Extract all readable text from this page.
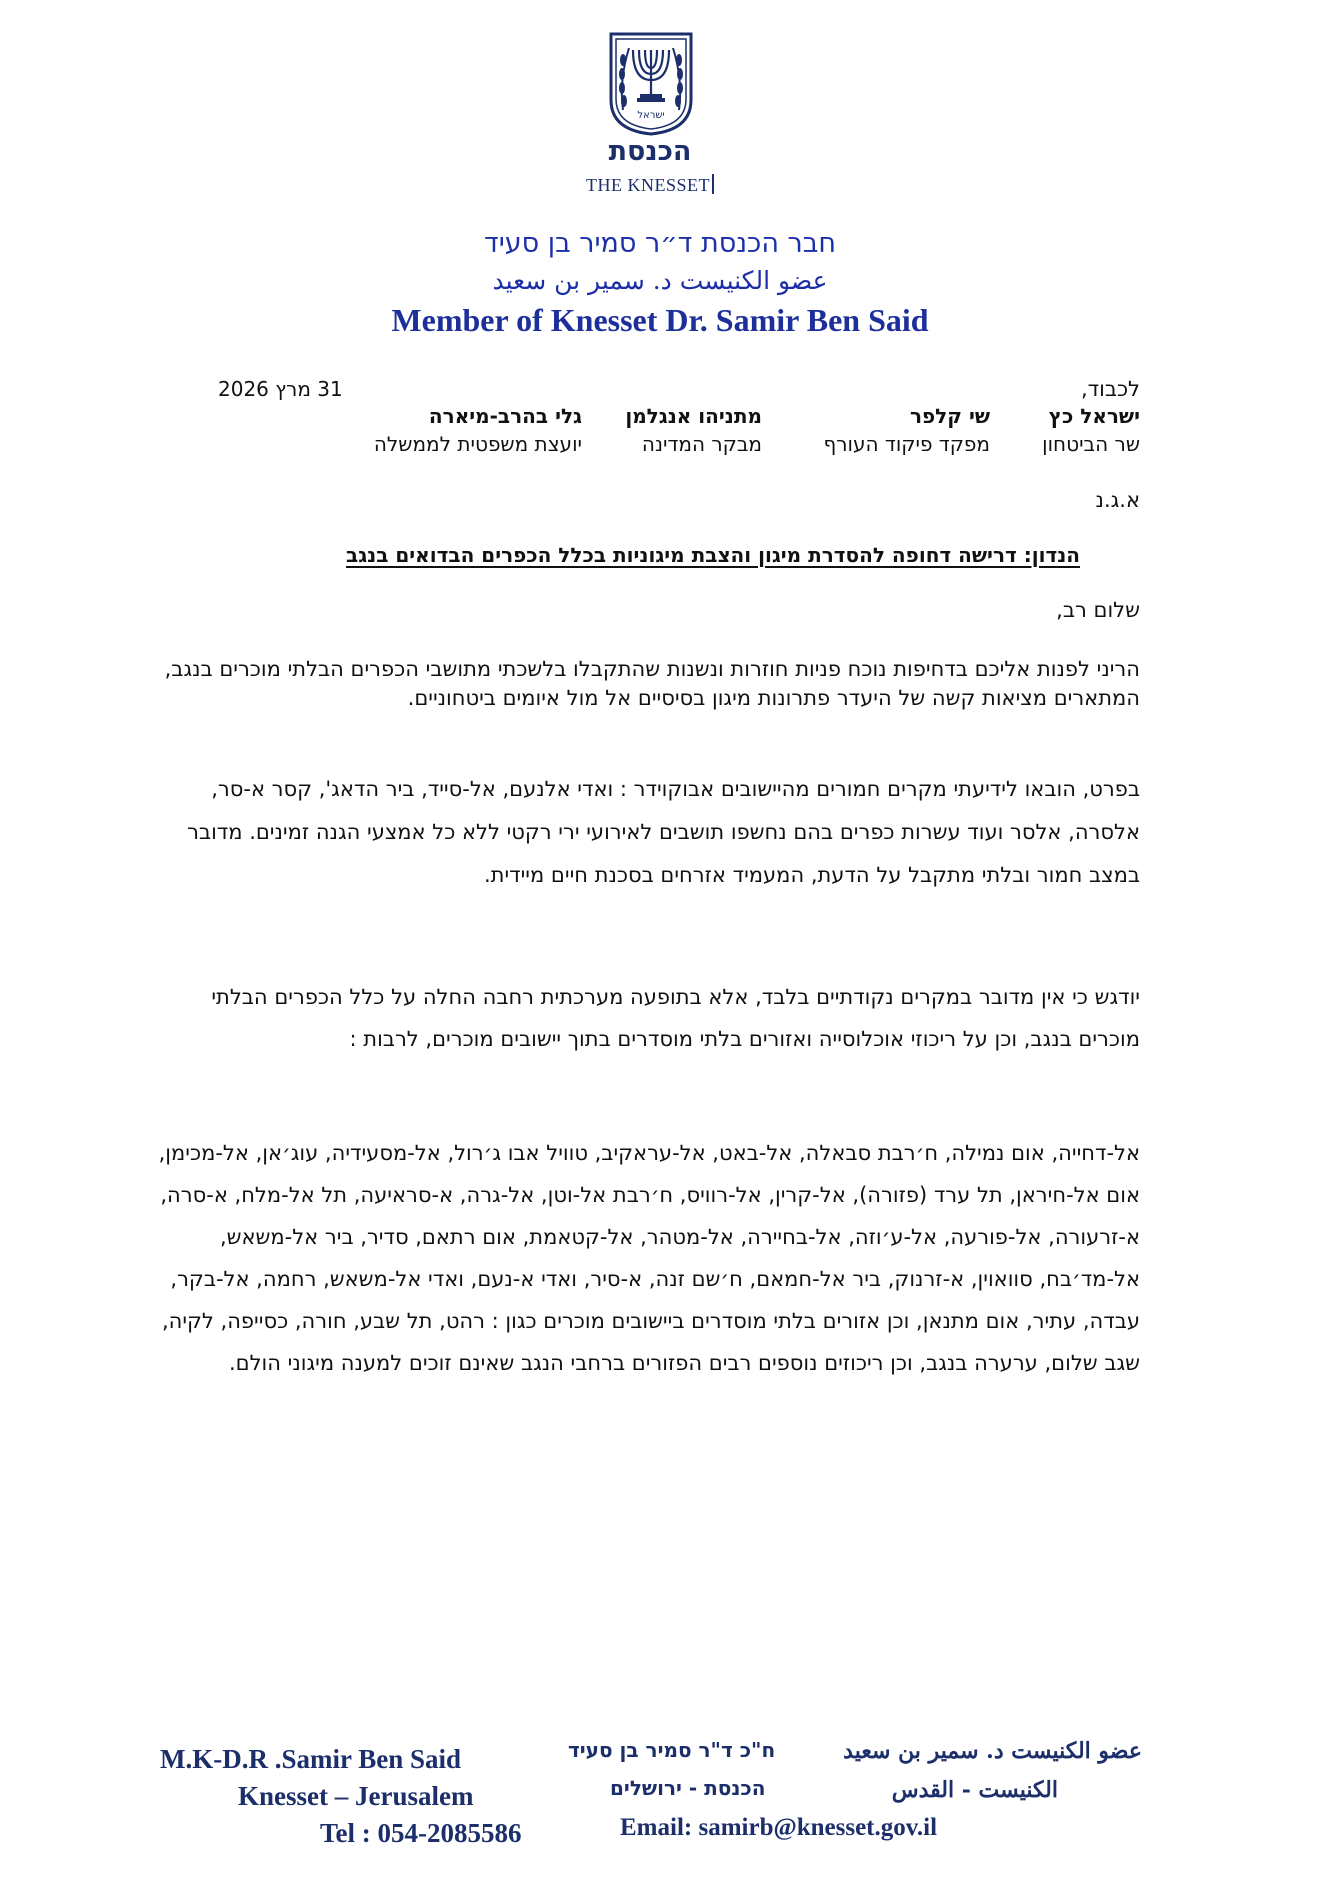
ישראל
הכנסת
THE KNESSET
חבר הכנסת ד״ר סמיר בן סעיד
عضو الكنيست د. سمير بن سعيد
Member of Knesset Dr. Samir Ben Said
לכבוד,
31 מרץ 2026
ישראל כץ
שר הביטחון
שי קלפר
מפקד פיקוד העורף
מתניהו אנגלמן
מבקר המדינה
גלי בהרב-מיארה
יועצת משפטית לממשלה
א.ג.נ
הנדון: דרישה דחופה להסדרת מיגון והצבת מיגוניות בכלל הכפרים הבדואים בנגב
שלום רב,
הריני לפנות אליכם בדחיפות נוכח פניות חוזרות ונשנות שהתקבלו בלשכתי מתושבי הכפרים הבלתי מוכרים בנגב, המתארים מציאות קשה של היעדר פתרונות מיגון בסיסיים אל מול איומים ביטחוניים.
בפרט, הובאו לידיעתי מקרים חמורים מהיישובים אבוקוידר : ואדי אלנעם, אל-סייד, ביר הדאג', קסר א-סר, אלסרה, אלסר ועוד עשרות כפרים בהם נחשפו תושבים לאירועי ירי רקטי ללא כל אמצעי הגנה זמינים. מדובר במצב חמור ובלתי מתקבל על הדעת, המעמיד אזרחים בסכנת חיים מיידית.
יודגש כי אין מדובר במקרים נקודתיים בלבד, אלא בתופעה מערכתית רחבה החלה על כלל הכפרים הבלתי מוכרים בנגב, וכן על ריכוזי אוכלוסייה ואזורים בלתי מוסדרים בתוך יישובים מוכרים, לרבות :
אל-דחייה, אום נמילה, ח׳רבת סבאלה, אל-באט, אל-עראקיב, טוויל אבו ג׳רול, אל-מסעידיה, עוג׳אן, אל-מכימן, אום אל-חיראן, תל ערד (פזורה), אל-קרין, אל-רוויס, ח׳רבת אל-וטן, אל-גרה, א-סראיעה, תל אל-מלח, א-סרה, א-זרעורה, אל-פורעה, אל-ע׳וזה, אל-בחיירה, אל-מטהר, אל-קטאמת, אום רתאם, סדיר, ביר אל-משאש, אל-מד׳בח, סוואוין, א-זרנוק, ביר אל-חמאם, ח׳שם זנה, א-סיר, ואדי א-נעם, ואדי אל-משאש, רחמה, אל-בקר, עבדה, עתיר, אום מתנאן, וכן אזורים בלתי מוסדרים ביישובים מוכרים כגון : רהט, תל שבע, חורה, כסייפה, לקיה, שגב שלום, ערערה בנגב, וכן ריכוזים נוספים רבים הפזורים ברחבי הנגב שאינם זוכים למענה מיגוני הולם.
عضو الكنيست د. سمير بن سعيد
الكنيست - القدس
ח"כ ד"ר סמיר בן סעיד
הכנסת - ירושלים
Email: samirb@knesset.gov.il
M.K-D.R .Samir Ben Said
Knesset – Jerusalem
Tel : 054-2085586
